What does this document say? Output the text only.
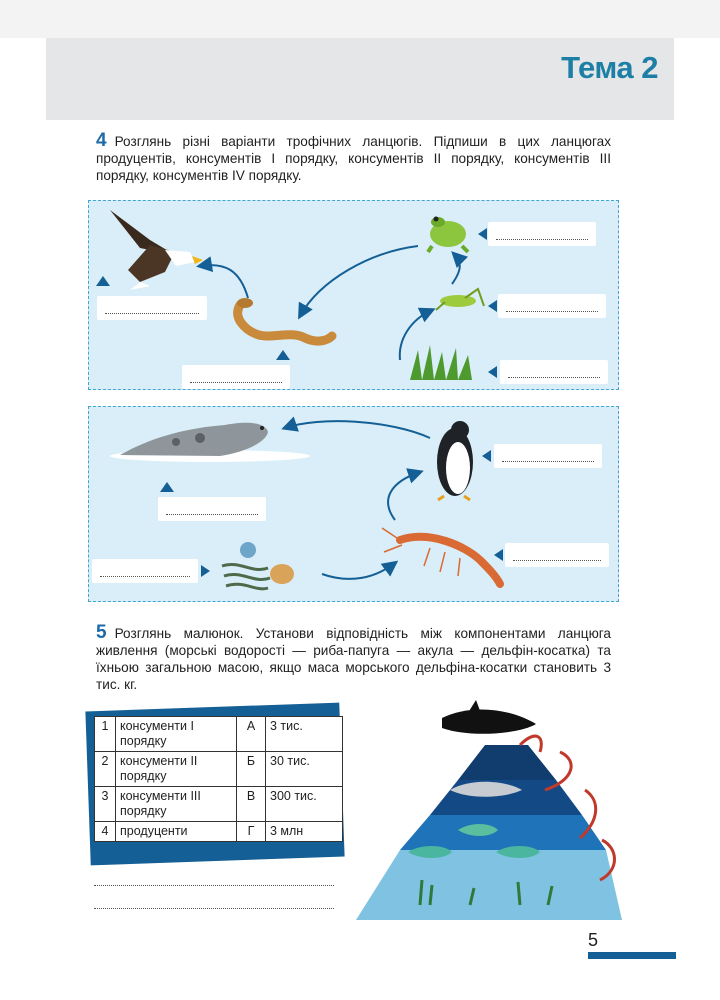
Тема 2
4 Розглянь різні варіанти трофічних ланцюгів. Підпиши в цих ланцюгах продуцентів, консументів І порядку, консументів ІІ порядку, консументів ІІІ порядку, консументів IV порядку.
5 Розглянь малюнок. Установи відповідність між компонентами ланцюга живлення (морські водорості — риба-папуга — акула — дельфін-косатка) та їхньою загальною масою, якщо маса морського дельфіна-косатки становить 3 тис. кг.
1	консументи І порядку	А	3 тис.
2	консументи ІІ порядку	Б	30 тис.
3	консументи ІІІ порядку	В	300 тис.
4	продуценти	Г	3 млн
5
